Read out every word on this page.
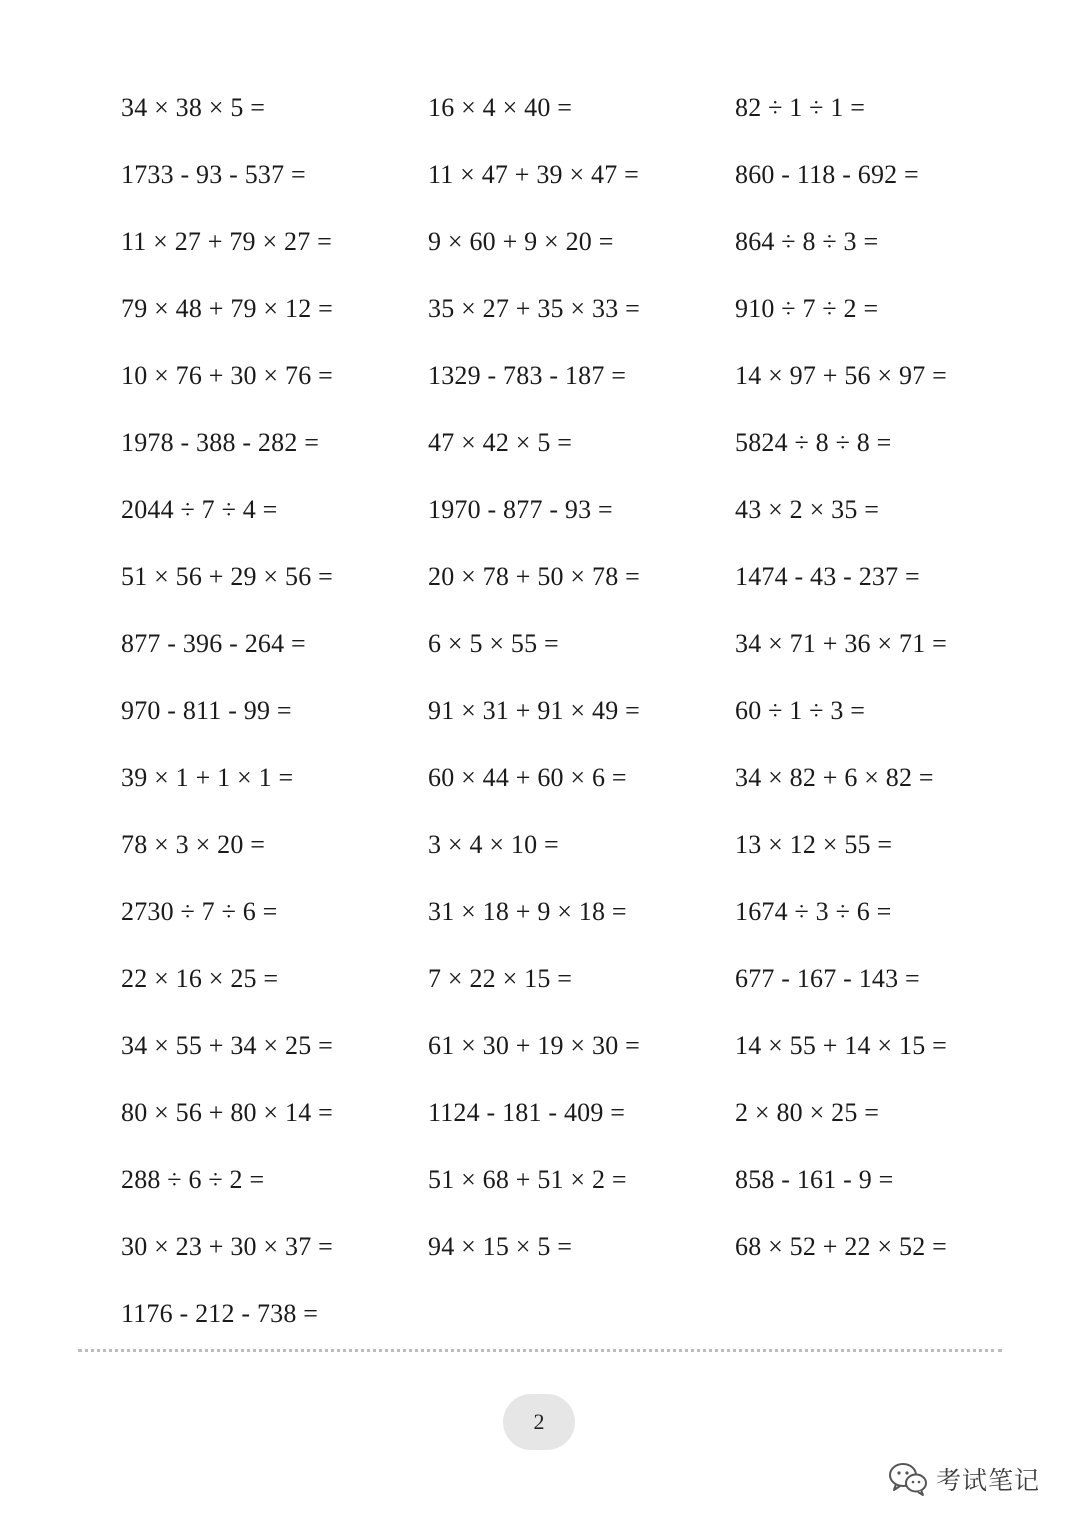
34 × 38 × 5 =	16 × 4 × 40 =	82 ÷ 1 ÷ 1 =
1733 - 93 - 537 =	11 × 47 + 39 × 47 =	860 - 118 - 692 =
11 × 27 + 79 × 27 =	9 × 60 + 9 × 20 =	864 ÷ 8 ÷ 3 =
79 × 48 + 79 × 12 =	35 × 27 + 35 × 33 =	910 ÷ 7 ÷ 2 =
10 × 76 + 30 × 76 =	1329 - 783 - 187 =	14 × 97 + 56 × 97 =
1978 - 388 - 282 =	47 × 42 × 5 =	5824 ÷ 8 ÷ 8 =
2044 ÷ 7 ÷ 4 =	1970 - 877 - 93 =	43 × 2 × 35 =
51 × 56 + 29 × 56 =	20 × 78 + 50 × 78 =	1474 - 43 - 237 =
877 - 396 - 264 =	6 × 5 × 55 =	34 × 71 + 36 × 71 =
970 - 811 - 99 =	91 × 31 + 91 × 49 =	60 ÷ 1 ÷ 3 =
39 × 1 + 1 × 1 =	60 × 44 + 60 × 6 =	34 × 82 + 6 × 82 =
78 × 3 × 20 =	3 × 4 × 10 =	13 × 12 × 55 =
2730 ÷ 7 ÷ 6 =	31 × 18 + 9 × 18 =	1674 ÷ 3 ÷ 6 =
22 × 16 × 25 =	7 × 22 × 15 =	677 - 167 - 143 =
34 × 55 + 34 × 25 =	61 × 30 + 19 × 30 =	14 × 55 + 14 × 15 =
80 × 56 + 80 × 14 =	1124 - 181 - 409 =	2 × 80 × 25 =
288 ÷ 6 ÷ 2 =	51 × 68 + 51 × 2 =	858 - 161 - 9 =
30 × 23 + 30 × 37 =	94 × 15 × 5 =	68 × 52 + 22 × 52 =
1176 - 212 - 738 =
2
考试笔记
